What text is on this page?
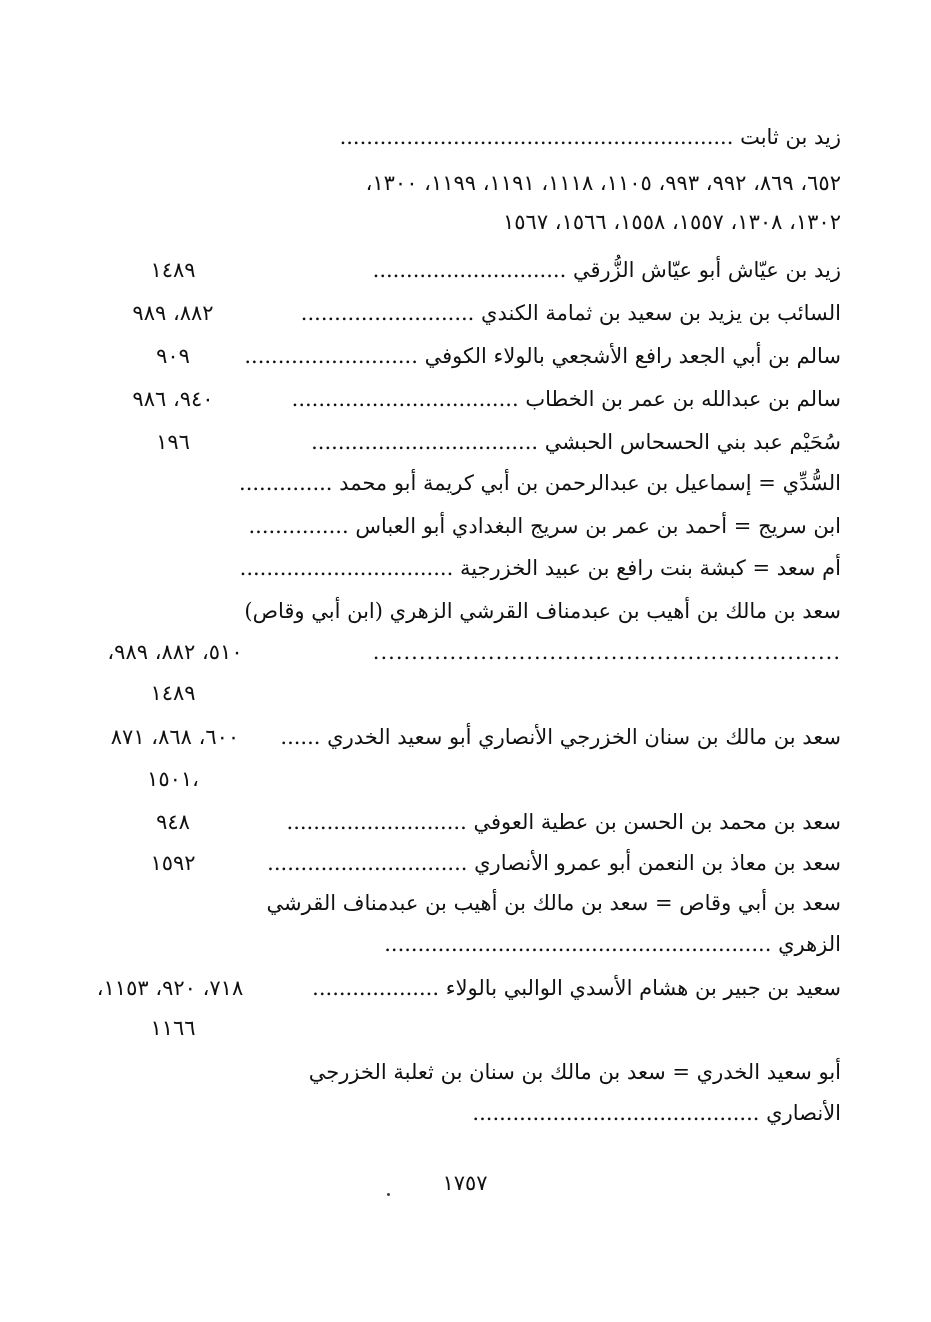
زيد بن ثابت ...........................................................
٦٥٢، ٨٦٩، ٩٩٢، ٩٩٣، ١١٠٥، ١١١٨، ١١٩١، ١١٩٩، ١٣٠٠،
١٣٠٢، ١٣٠٨، ١٥٥٧، ١٥٥٨، ١٥٦٦، ١٥٦٧
زيد بن عيّاش أبو عيّاش الزُّرقي .............................
١٤٨٩
السائب بن يزيد بن سعيد بن ثمامة الكندي ..........................
٨٨٢، ٩٨٩
سالم بن أبي الجعد رافع الأشجعي بالولاء الكوفي ..........................
٩٠٩
سالم بن عبدالله بن عمر بن الخطاب ..................................
٩٤٠، ٩٨٦
سُحَيْم عبد بني الحسحاس الحبشي ..................................
١٩٦
السُّدِّي = إسماعيل بن عبدالرحمن بن أبي كريمة أبو محمد ..............
ابن سريج = أحمد بن عمر بن سريج البغدادي أبو العباس ...............
أم سعد = كبشة بنت رافع بن عبيد الخزرجية ................................
سعد بن مالك بن أهيب بن عبدمناف القرشي الزهري (ابن أبي وقاص)
.............................................................
٥١٠، ٨٨٢، ٩٨٩،
١٤٨٩
سعد بن مالك بن سنان الخزرجي الأنصاري أبو سعيد الخدري ......
٦٠٠، ٨٦٨، ٨٧١
،١٥٠١
سعد بن محمد بن الحسن بن عطية العوفي ...........................
٩٤٨
سعد بن معاذ بن النعمن أبو عمرو الأنصاري ..............................
١٥٩٢
سعد بن أبي وقاص = سعد بن مالك بن أهيب بن عبدمناف القرشي
الزهري ..........................................................
سعيد بن جبير بن هشام الأسدي الوالبي بالولاء ...................
٧١٨، ٩٢٠، ١١٥٣،
١١٦٦
أبو سعيد الخدري = سعد بن مالك بن سنان بن ثعلبة الخزرجي
الأنصاري ...........................................
١٧٥٧
